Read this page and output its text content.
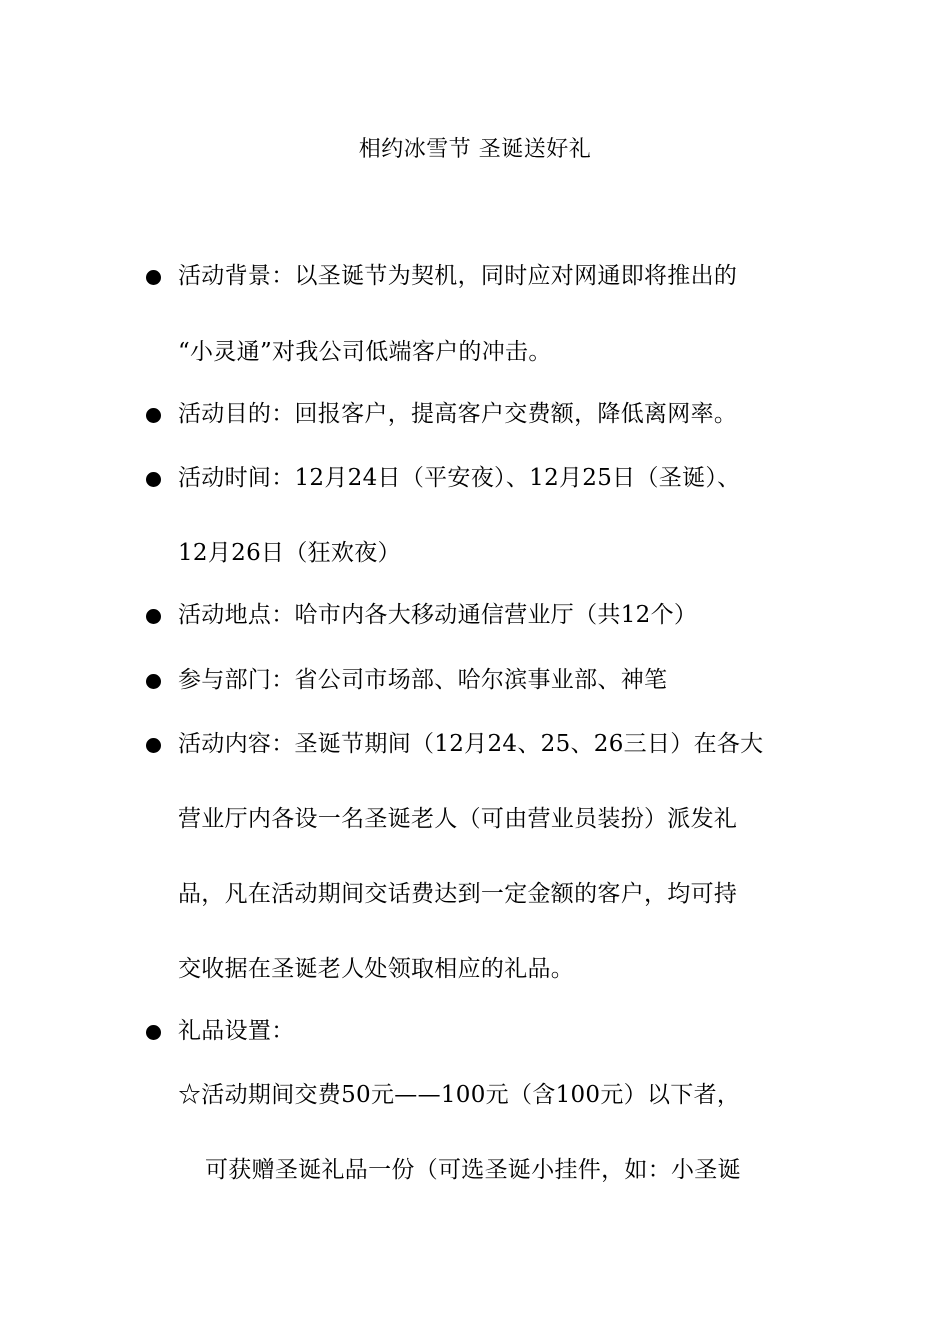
相约冰雪节 圣诞送好礼
活动背景：以圣诞节为契机，同时应对网通即将推出的
“小灵通”对我公司低端客户的冲击。
活动目的：回报客户，提高客户交费额，降低离网率。
活动时间：12月24日（平安夜）、12月25日（圣诞）、
12月26日（狂欢夜）
活动地点：哈市内各大移动通信营业厅（共12个）
参与部门：省公司市场部、哈尔滨事业部、神笔
活动内容：圣诞节期间（12月24、25、26三日）在各大
营业厅内各设一名圣诞老人（可由营业员装扮）派发礼
品，凡在活动期间交话费达到一定金额的客户，均可持
交收据在圣诞老人处领取相应的礼品。
礼品设置：
☆活动期间交费50元——100元（含100元）以下者，
可获赠圣诞礼品一份（可选圣诞小挂件，如：小圣诞
